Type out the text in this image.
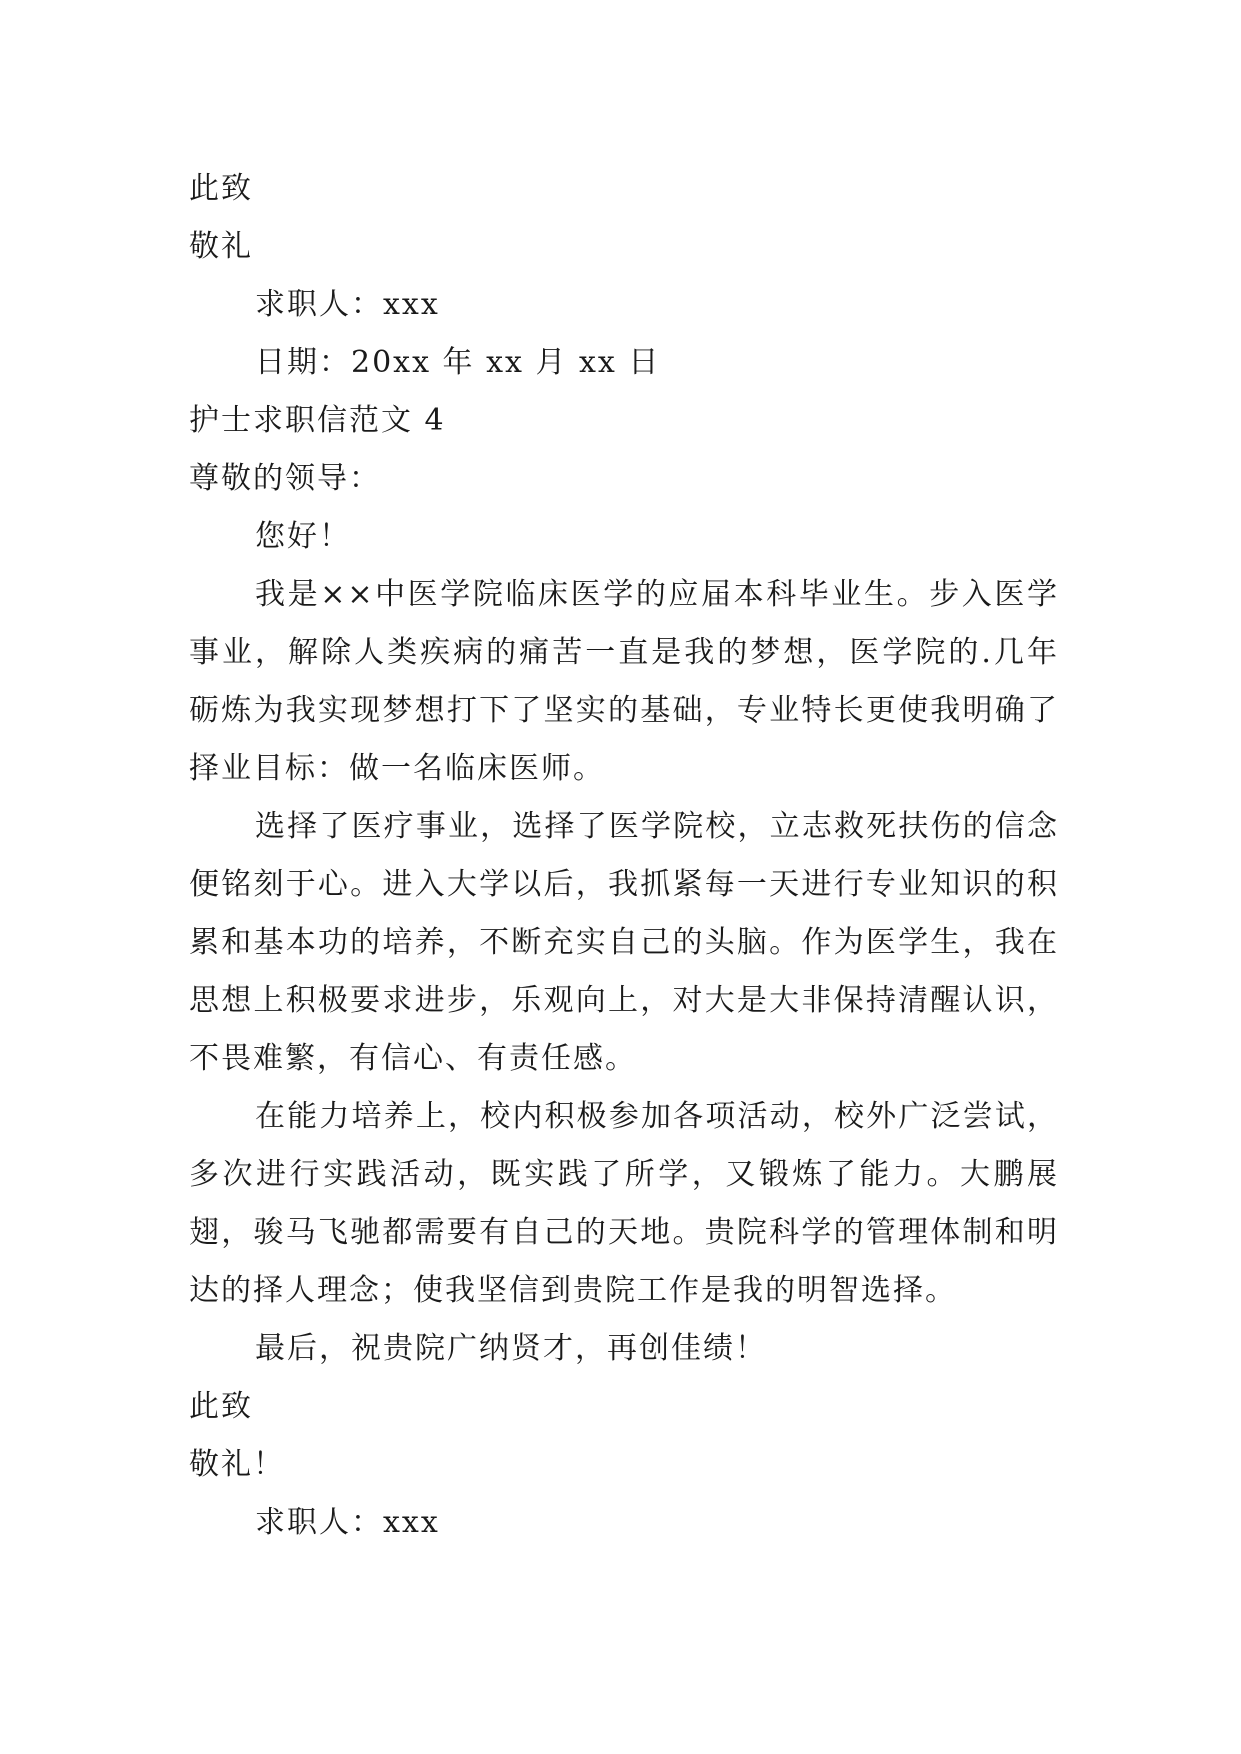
此致
敬礼
求职人：xxx
日期：20xx 年 xx 月 xx 日
护士求职信范文 4
尊敬的领导：
您好！

我是××中医学院临床医学的应届本科毕业生。步入医学事业，解除人类疾病的痛苦一直是我的梦想，医学院的.几年砺炼为我实现梦想打下了坚实的基础，专业特长更使我明确了择业目标：做一名临床医师。

选择了医疗事业，选择了医学院校，立志救死扶伤的信念便铭刻于心。进入大学以后，我抓紧每一天进行专业知识的积累和基本功的培养，不断充实自己的头脑。作为医学生，我在思想上积极要求进步，乐观向上，对大是大非保持清醒认识，不畏难繁，有信心、有责任感。

在能力培养上，校内积极参加各项活动，校外广泛尝试，多次进行实践活动，既实践了所学，又锻炼了能力。大鹏展翅，骏马飞驰都需要有自己的天地。贵院科学的管理体制和明达的择人理念；使我坚信到贵院工作是我的明智选择。

最后，祝贵院广纳贤才，再创佳绩！

此致
敬礼！
求职人：xxx
